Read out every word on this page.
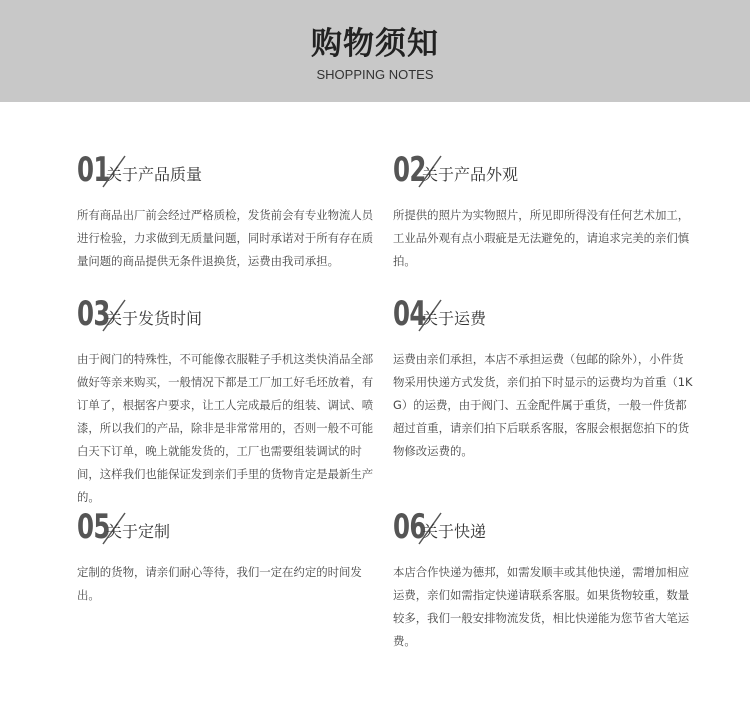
购物须知
SHOPPING NOTES
01
关于产品质量
所有商品出厂前会经过严格质检，发货前会有专业物流人员进行检验，力求做到无质量问题，同时承诺对于所有存在质量问题的商品提供无条件退换货，运费由我司承担。
02
关于产品外观
所提供的照片为实物照片，所见即所得没有任何艺术加工，工业品外观有点小瑕疵是无法避免的，请追求完美的亲们慎拍。
03
关于发货时间
由于阀门的特殊性，不可能像衣服鞋子手机这类快消品全部做好等亲来购买，一般情况下都是工厂加工好毛坯放着，有订单了，根据客户要求，让工人完成最后的组装、调试、喷漆，所以我们的产品，除非是非常常用的，否则一般不可能白天下订单，晚上就能发货的，工厂也需要组装调试的时间，这样我们也能保证发到亲们手里的货物肯定是最新生产的。
04
关于运费
运费由亲们承担，本店不承担运费（包邮的除外），小件货物采用快递方式发货，亲们拍下时显示的运费均为首重（1KG）的运费，由于阀门、五金配件属于重货，一般一件货都超过首重，请亲们拍下后联系客服，客服会根据您拍下的货物修改运费的。
05
关于定制
定制的货物，请亲们耐心等待，我们一定在约定的时间发出。
06
关于快递
本店合作快递为德邦，如需发顺丰或其他快递，需增加相应运费，亲们如需指定快递请联系客服。如果货物较重，数量较多，我们一般安排物流发货，相比快递能为您节省大笔运费。
